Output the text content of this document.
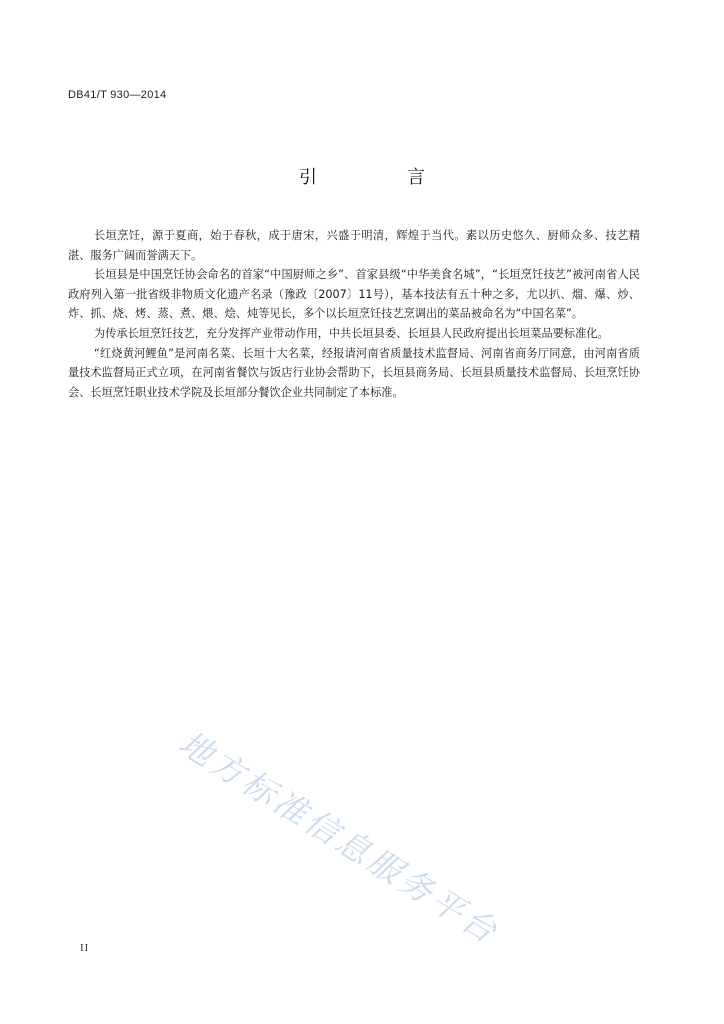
DB41/T 930—2014
引　言

长垣烹饪，源于夏商，始于春秋，成于唐宋，兴盛于明清，辉煌于当代。素以历史悠久、厨师众多、技艺精湛、服务广阔而誉满天下。

长垣县是中国烹饪协会命名的首家“中国厨师之乡”、首家县级“中华美食名城”，“长垣烹饪技艺”被河南省人民政府列入第一批省级非物质文化遗产名录（豫政〔2007〕11号），基本技法有五十种之多，尤以扒、熘、爆、炒、炸、抓、烧、烤、蒸、煮、煨、烩、炖等见长，多个以长垣烹饪技艺烹调出的菜品被命名为“中国名菜”。

为传承长垣烹饪技艺，充分发挥产业带动作用，中共长垣县委、长垣县人民政府提出长垣菜品要标准化。

“红烧黄河鲤鱼”是河南名菜、长垣十大名菜，经报请河南省质量技术监督局、河南省商务厅同意，由河南省质量技术监督局正式立项，在河南省餐饮与饭店行业协会帮助下，长垣县商务局、长垣县质量技术监督局、长垣烹饪协会、长垣烹饪职业技术学院及长垣部分餐饮企业共同制定了本标准。

地方标准信息服务平台
II
